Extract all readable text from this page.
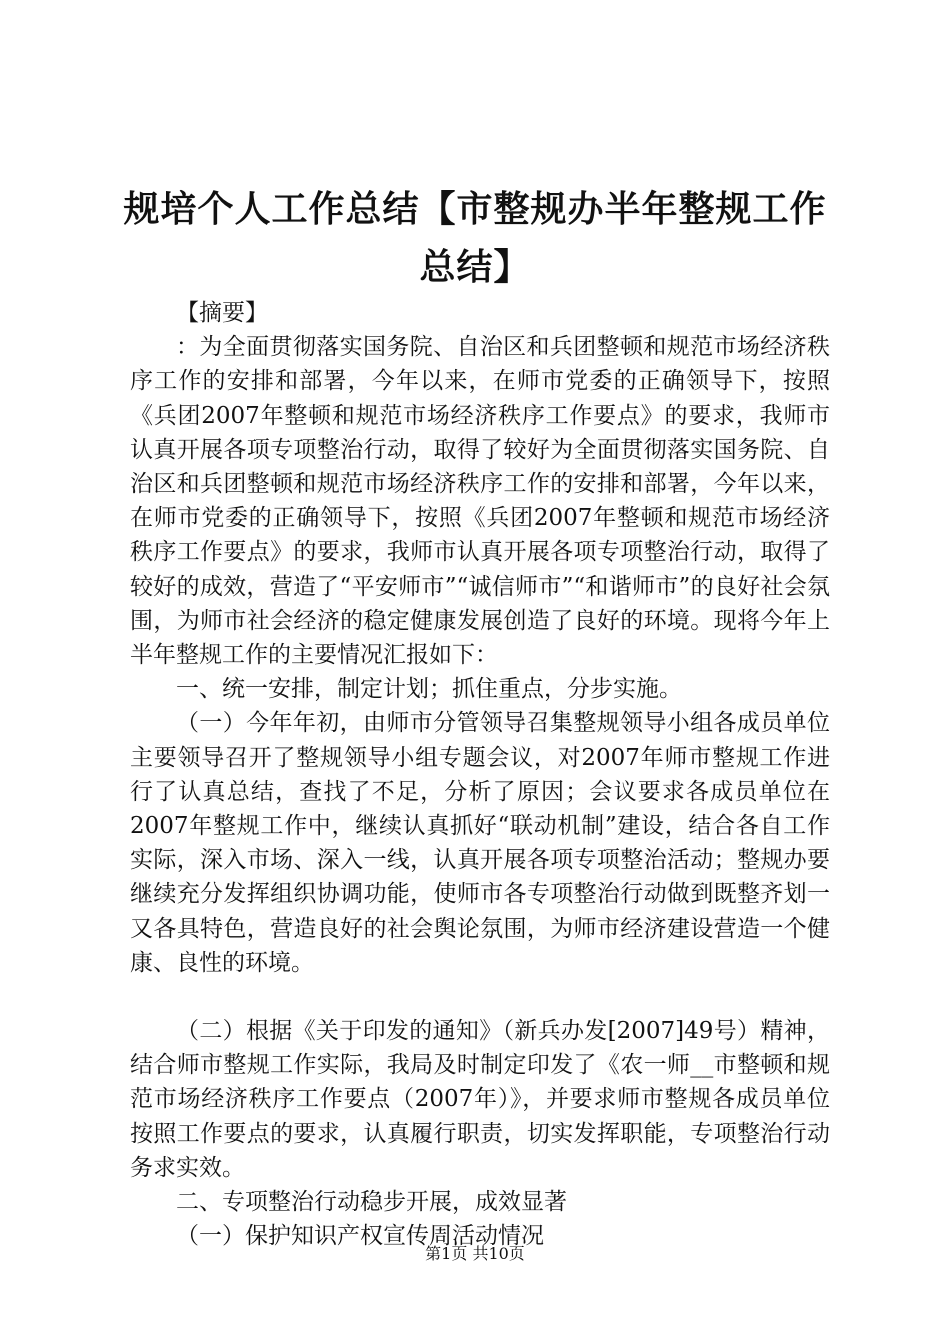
规培个人工作总结【市整规办半年整规工作总结】

【摘要】

：为全面贯彻落实国务院、自治区和兵团整顿和规范市场经济秩序工作的安排和部署，今年以来，在师市党委的正确领导下，按照《兵团2007年整顿和规范市场经济秩序工作要点》的要求，我师市认真开展各项专项整治行动，取得了较好为全面贯彻落实国务院、自治区和兵团整顿和规范市场经济秩序工作的安排和部署，今年以来，在师市党委的正确领导下，按照《兵团2007年整顿和规范市场经济秩序工作要点》的要求，我师市认真开展各项专项整治行动，取得了较好的成效，营造了“平安师市”“诚信师市”“和谐师市”的良好社会氛围，为师市社会经济的稳定健康发展创造了良好的环境。现将今年上半年整规工作的主要情况汇报如下：

一、统一安排，制定计划；抓住重点，分步实施。

（一）今年年初，由师市分管领导召集整规领导小组各成员单位主要领导召开了整规领导小组专题会议，对2007年师市整规工作进行了认真总结，查找了不足，分析了原因；会议要求各成员单位在2007年整规工作中，继续认真抓好“联动机制”建设，结合各自工作实际，深入市场、深入一线，认真开展各项专项整治活动；整规办要继续充分发挥组织协调功能，使师市各专项整治行动做到既整齐划一又各具特色，营造良好的社会舆论氛围，为师市经济建设营造一个健康、良性的环境。

（二）根据《关于印发的通知》（新兵办发[2007]49号）精神，结合师市整规工作实际，我局及时制定印发了《农一师__市整顿和规范市场经济秩序工作要点（2007年）》，并要求师市整规各成员单位按照工作要点的要求，认真履行职责，切实发挥职能，专项整治行动务求实效。

二、专项整治行动稳步开展，成效显著

（一）保护知识产权宣传周活动情况

第1页 共10页
